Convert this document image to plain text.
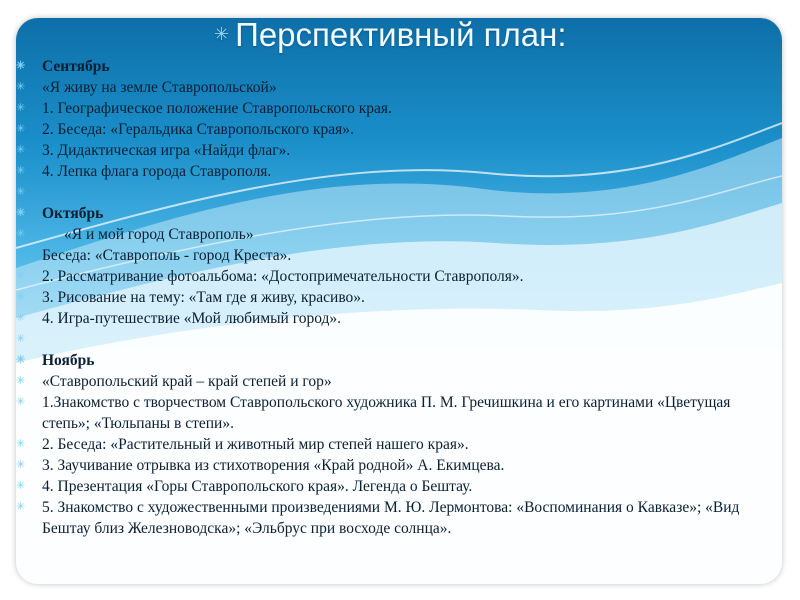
✳ Перспективный план:
✳ Сентябрь
✳ «Я живу на земле Ставропольской»
✳ 1. Географическое положение Ставропольского края.
✳ 2. Беседа: «Геральдика Ставропольского края».
✳ 3. Дидактическая игра «Найди флаг».
✳ 4. Лепка флага города Ставрополя.
✳
✳ Октябрь
✳	«Я и мой город Ставрополь»
Беседа: «Ставрополь - город Креста».
✳ 2. Рассматривание фотоальбома: «Достопримечательности Ставрополя».
✳ 3. Рисование на тему: «Там где я живу, красиво».
✳ 4. Игра-путешествие «Мой любимый город».
✳
✳ Ноябрь
✳ «Ставропольский край – край степей и гор»
✳ 1.Знакомство с творчеством Ставропольского художника П. М. Гречишкина и его картинами «Цветущая степь»; «Тюльпаны в степи».
✳ 2. Беседа: «Растительный и животный мир степей нашего края».
✳ 3. Заучивание отрывка из стихотворения «Край родной» А. Екимцева.
✳ 4. Презентация «Горы Ставропольского края». Легенда о Бештау.
✳ 5. Знакомство с художественными произведениями М. Ю. Лермонтова: «Воспоминания о Кавказе»; «Вид Бештау близ Железноводска»; «Эльбрус при восходе солнца».
